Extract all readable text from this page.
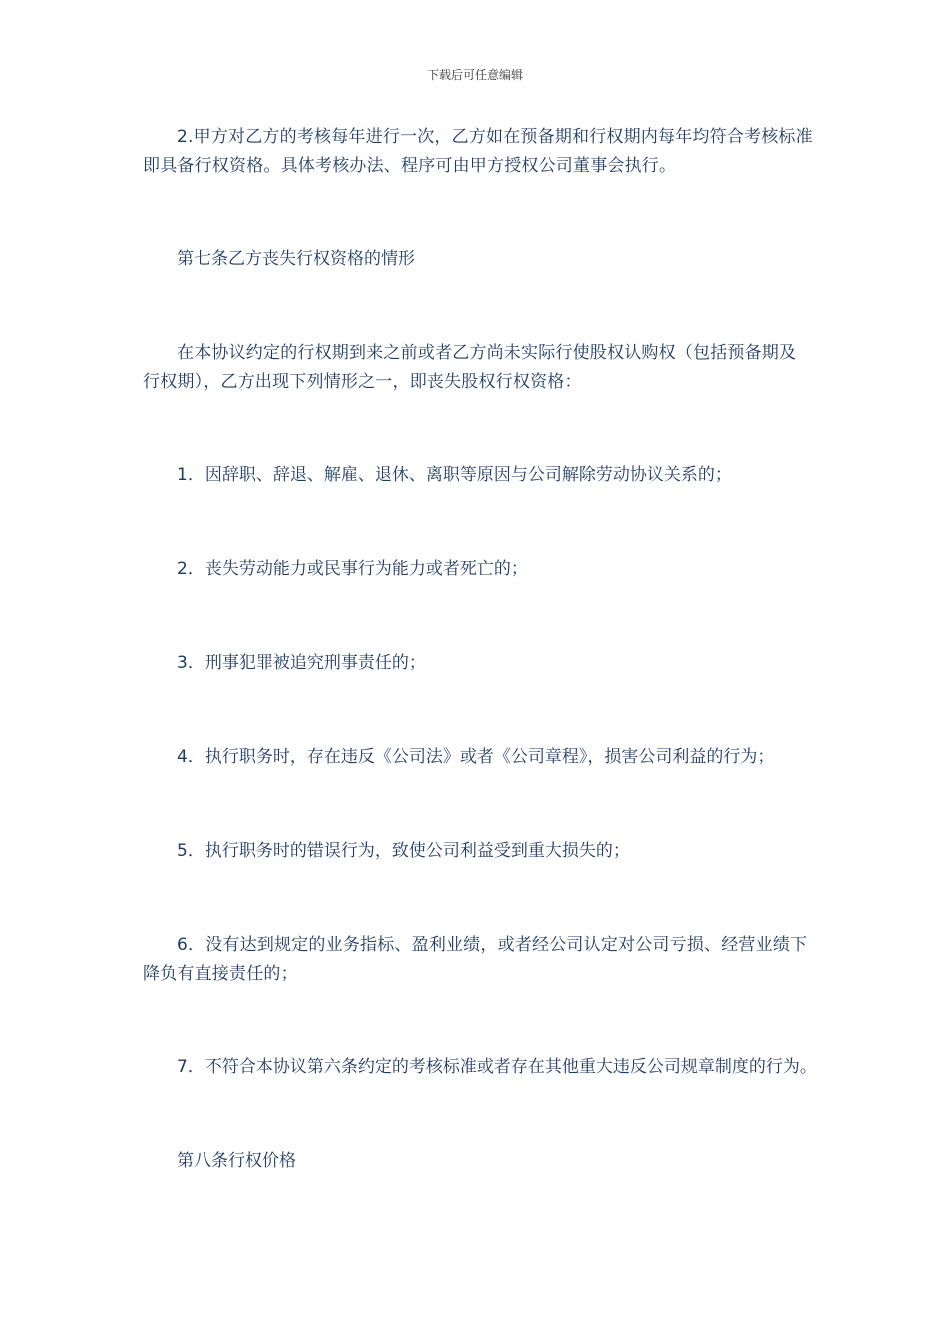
下载后可任意编辑

2.甲方对乙方的考核每年进行一次，乙方如在预备期和行权期内每年均符合考核标准即具备行权资格。具体考核办法、程序可由甲方授权公司董事会执行。

第七条乙方丧失行权资格的情形

在本协议约定的行权期到来之前或者乙方尚未实际行使股权认购权（包括预备期及行权期），乙方出现下列情形之一，即丧失股权行权资格：

1．因辞职、辞退、解雇、退休、离职等原因与公司解除劳动协议关系的；

2．丧失劳动能力或民事行为能力或者死亡的；

3．刑事犯罪被追究刑事责任的；

4．执行职务时，存在违反《公司法》或者《公司章程》，损害公司利益的行为；

5．执行职务时的错误行为，致使公司利益受到重大损失的；

6．没有达到规定的业务指标、盈利业绩，或者经公司认定对公司亏损、经营业绩下降负有直接责任的；

7．不符合本协议第六条约定的考核标准或者存在其他重大违反公司规章制度的行为。

第八条行权价格
